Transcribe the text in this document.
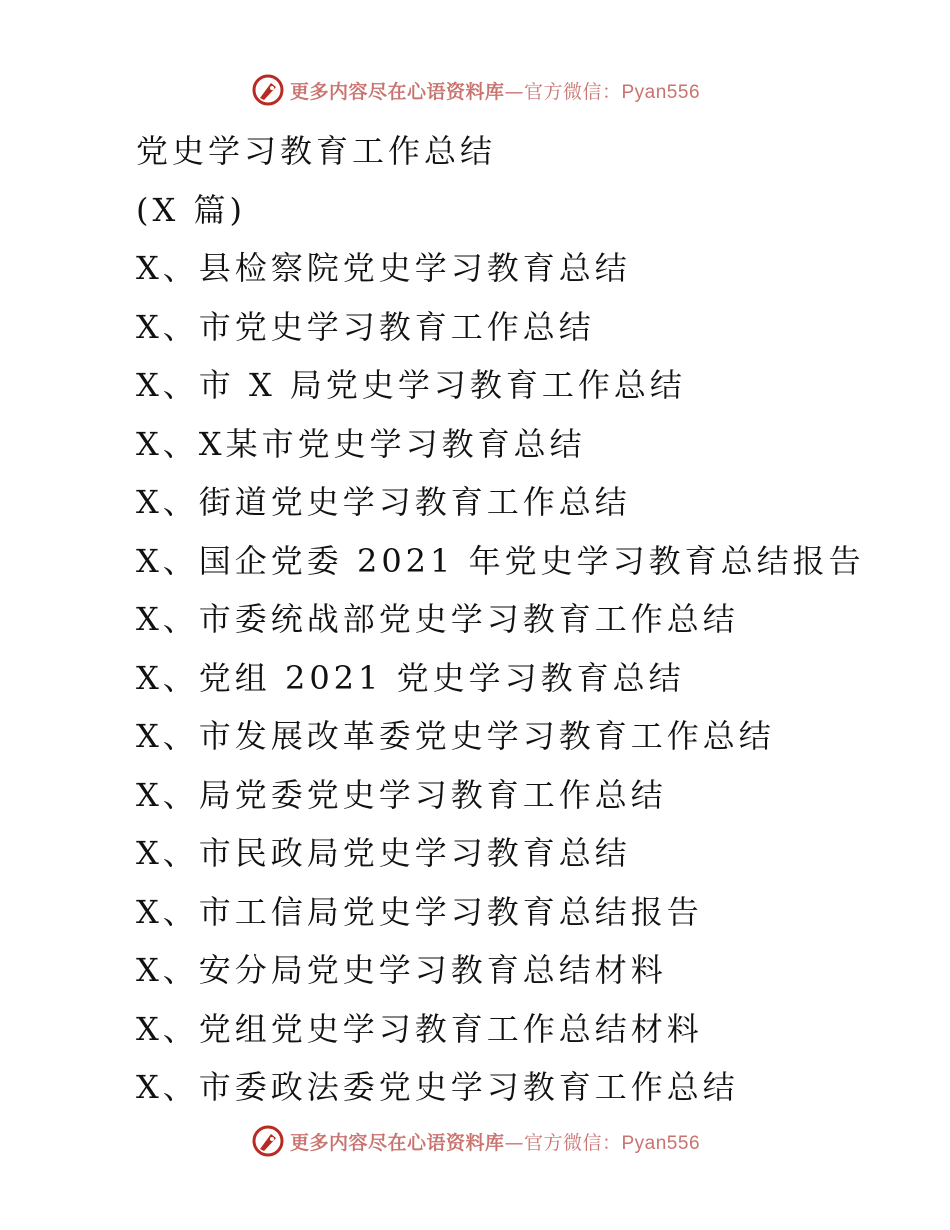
更多内容尽在心语资料库—官方微信：Pyan556
党史学习教育工作总结
(X 篇)
X、县检察院党史学习教育总结
X、市党史学习教育工作总结
X、市 X 局党史学习教育工作总结
X、X某市党史学习教育总结
X、街道党史学习教育工作总结
X、国企党委 2021 年党史学习教育总结报告
X、市委统战部党史学习教育工作总结
X、党组 2021 党史学习教育总结
X、市发展改革委党史学习教育工作总结
X、局党委党史学习教育工作总结
X、市民政局党史学习教育总结
X、市工信局党史学习教育总结报告
X、安分局党史学习教育总结材料
X、党组党史学习教育工作总结材料
X、市委政法委党史学习教育工作总结
更多内容尽在心语资料库—官方微信：Pyan556
